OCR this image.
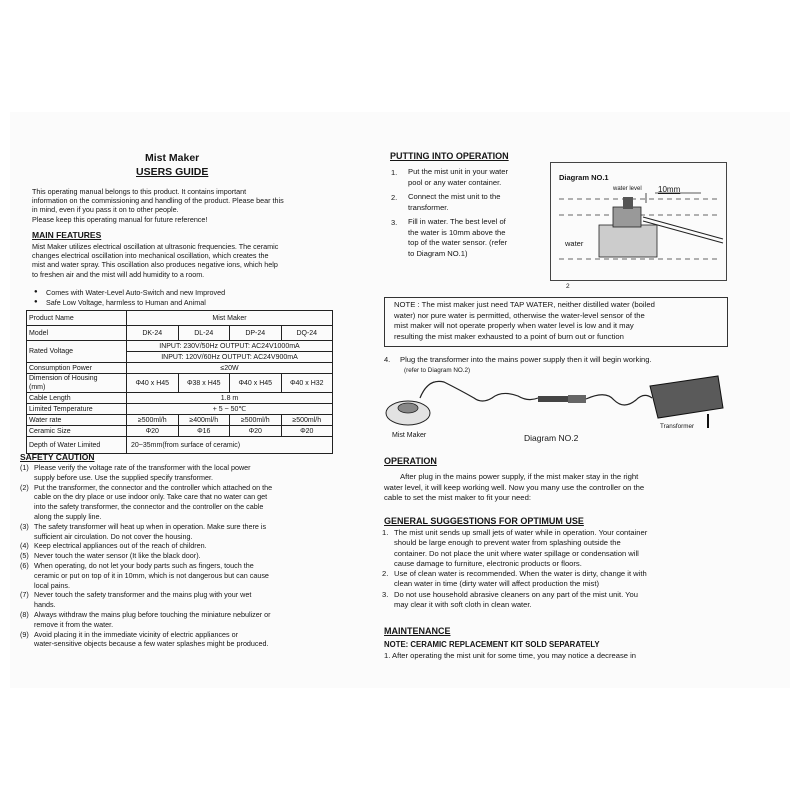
Mist Maker
USERS GUIDE
This operating manual belongs to this product. It contains important
information on the commissioning and handling of the product. Please bear this
in mind, even if you pass it on to other people.
Please keep this operating manual for future reference!
MAIN FEATURES
Mist Maker utilizes electrical oscillation at ultrasonic frequencies. The ceramic
changes electrical oscillation into mechanical oscillation, which creates the
mist and water spray. This oscillation also produces negative ions, which help
to freshen air and the mist will add humidity to a room.
● Comes with Water-Level Auto-Switch and new Improved
● Safe Low Voltage, harmless to Human and Animal
Product Name	Mist Maker			
Model	DK-24	DL-24	DP-24	DQ-24
Rated Voltage	INPUT: 230V/50Hz OUTPUT: AC24V1000mA			
	INPUT: 120V/60Hz OUTPUT: AC24V900mA			
Consumption Power	≤20W			

Dimension of Housing
(mm)	Φ40 x H45	Φ38 x H45	Φ40 x H45	Φ40 x H32
Cable Length	1.8 m			
Limited Temperature	+ 5 ~ 50℃			
Water rate	≥500ml/h	≥400ml/h	≥500ml/h	≥500ml/h
Ceramic Size	Φ20	Φ16	Φ20	Φ20
Depth of Water Limited	20~35mm(from surface of ceramic)			
SAFETY CAUTION
(1) Please verify the voltage rate of the transformer with the local power
supply before use. Use the supplied specify transformer.
(2) Put the transformer, the connector and the controller which attached on the
cable on the dry place or use indoor only. Take care that no water can get
into the safety transformer, the connector and the controller on the cable
along the supply line.
(3) The safety transformer will heat up when in operation. Make sure there is
sufficient air circulation. Do not cover the housing.
(4) Keep electrical appliances out of the reach of children.
(5) Never touch the water sensor (It like the black door).
(6) When operating, do not let your body parts such as fingers, touch the
ceramic or put on top of it in 10mm, which is not dangerous but can cause
local pains.
(7) Never touch the safety transformer and the mains plug with your wet
hands.
(8) Always withdraw the mains plug before touching the miniature nebulizer or
remove it from the water.
(9) Avoid placing it in the immediate vicinity of electric appliances or
water-sensitive objects because a few water splashes might be produced.
PUTTING INTO OPERATION
1. Put the mist unit in your water
pool or any water container.
2. Connect the mist unit to the
transformer.
3. Fill in water. The best level of
the water is 10mm above the
top of the water sensor. (refer
to Diagram NO.1)
Diagram NO.1
water level 10mm
water
2
NOTE : The mist maker just need TAP WATER, neither distilled water (boiled
water) nor pure water is permitted, otherwise the water-level sensor of the
mist maker will not operate properly when water level is low and it may
resulting the mist maker exhausted to a point of burn out or function
4. Plug the transformer into the mains power supply then it will begin working.
(refer to Diagram NO.2)
Mist Maker	Diagram NO.2
Transformer
OPERATION
After plug in the mains power supply, if the mist maker stay in the right
water level, it will keep working well. Now you many use the controller on the
cable to set the mist maker to fit your need:
GENERAL SUGGESTIONS FOR OPTIMUM USE
1. The mist unit sends up small jets of water while in operation. Your container
should be large enough to prevent water from splashing outside the
container. Do not place the unit where water spillage or condensation will
cause damage to furniture, electronic products or floors.
2. Use of clean water is recommended. When the water is dirty, change it with
clean water in time (dirty water will affect production the mist)
3. Do not use household abrasive cleaners on any part of the mist unit. You
may clear it with soft cloth in clean water.
MAINTENANCE
NOTE: CERAMIC REPLACEMENT KIT SOLD SEPARATELY
1. After operating the mist unit for some time, you may notice a decrease in
